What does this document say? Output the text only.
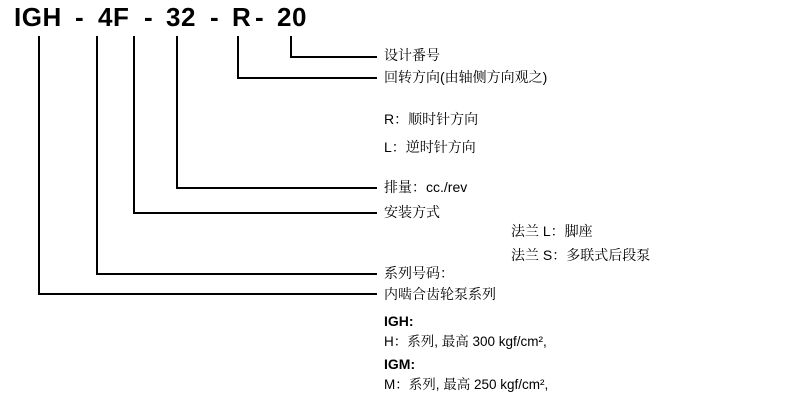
IGH - 4F - 32 - R - 20
设计番号
回转方向(由轴侧方向观之)
R：顺时针方向
L：逆时针方向
排量：cc./rev
安装方式
法兰 L：脚座
法兰 S：多联式后段泵
系列号码：
内啮合齿轮泵系列
IGH:
H：系列, 最高 300 kgf/cm²,
IGM:
M：系列, 最高 250 kgf/cm²,
